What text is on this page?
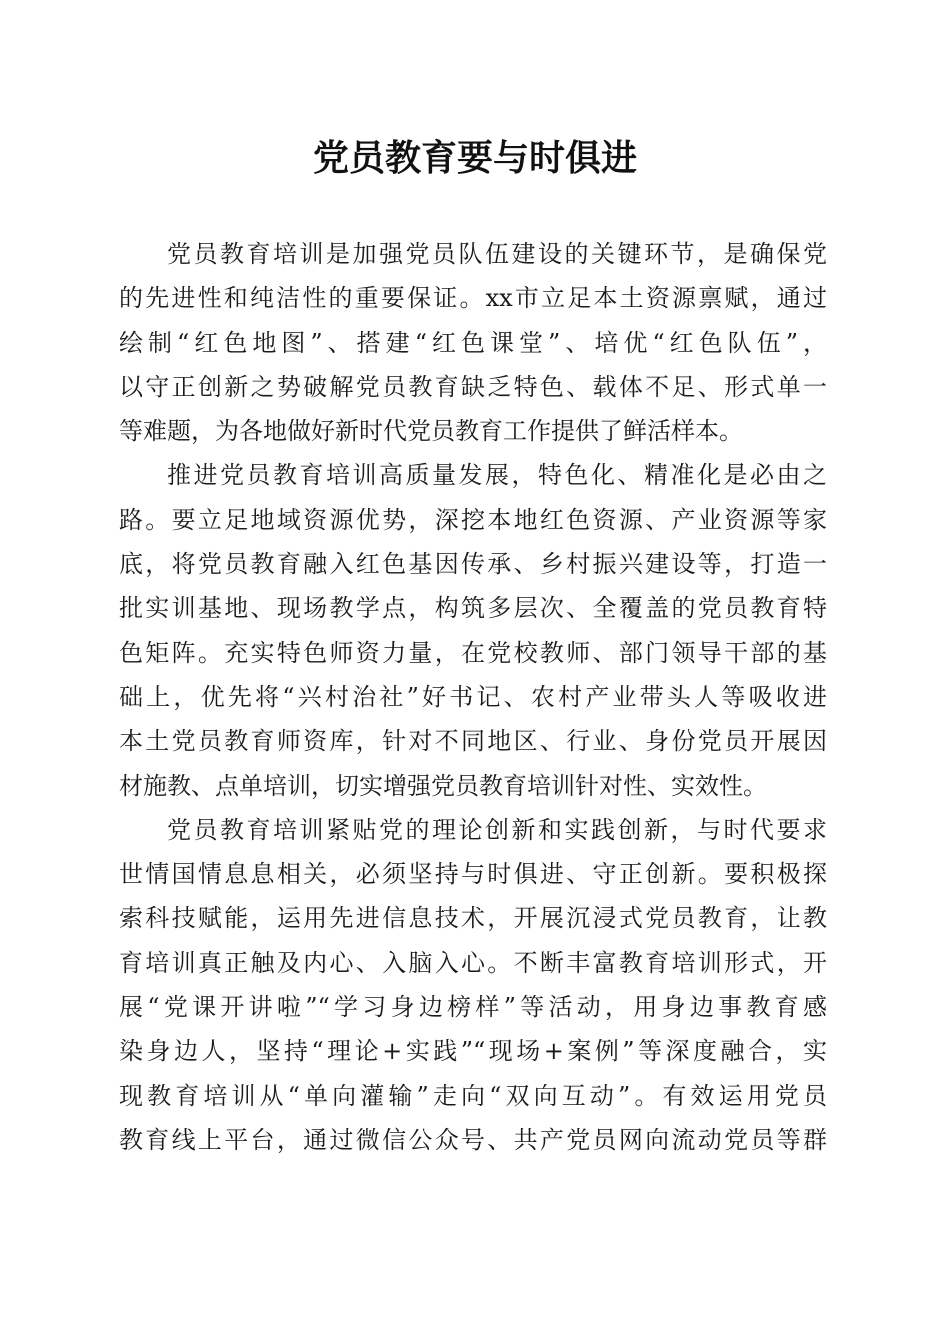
党员教育要与时俱进
党员教育培训是加强党员队伍建设的关键环节，是确保党
的先进性和纯洁性的重要保证。xx市立足本土资源禀赋，通过
绘制“红色地图”、搭建“红色课堂”、培优“红色队伍”，
以守正创新之势破解党员教育缺乏特色、载体不足、形式单一
等难题，为各地做好新时代党员教育工作提供了鲜活样本。
推进党员教育培训高质量发展，特色化、精准化是必由之
路。要立足地域资源优势，深挖本地红色资源、产业资源等家
底，将党员教育融入红色基因传承、乡村振兴建设等，打造一
批实训基地、现场教学点，构筑多层次、全覆盖的党员教育特
色矩阵。充实特色师资力量，在党校教师、部门领导干部的基
础上，优先将“兴村治社”好书记、农村产业带头人等吸收进
本土党员教育师资库，针对不同地区、行业、身份党员开展因
材施教、点单培训，切实增强党员教育培训针对性、实效性。
党员教育培训紧贴党的理论创新和实践创新，与时代要求
世情国情息息相关，必须坚持与时俱进、守正创新。要积极探
索科技赋能，运用先进信息技术，开展沉浸式党员教育，让教
育培训真正触及内心、入脑入心。不断丰富教育培训形式，开
展“党课开讲啦”“学习身边榜样”等活动，用身边事教育感
染身边人，坚持“理论+实践”“现场+案例”等深度融合，实
现教育培训从“单向灌输”走向“双向互动”。有效运用党员
教育线上平台，通过微信公众号、共产党员网向流动党员等群
